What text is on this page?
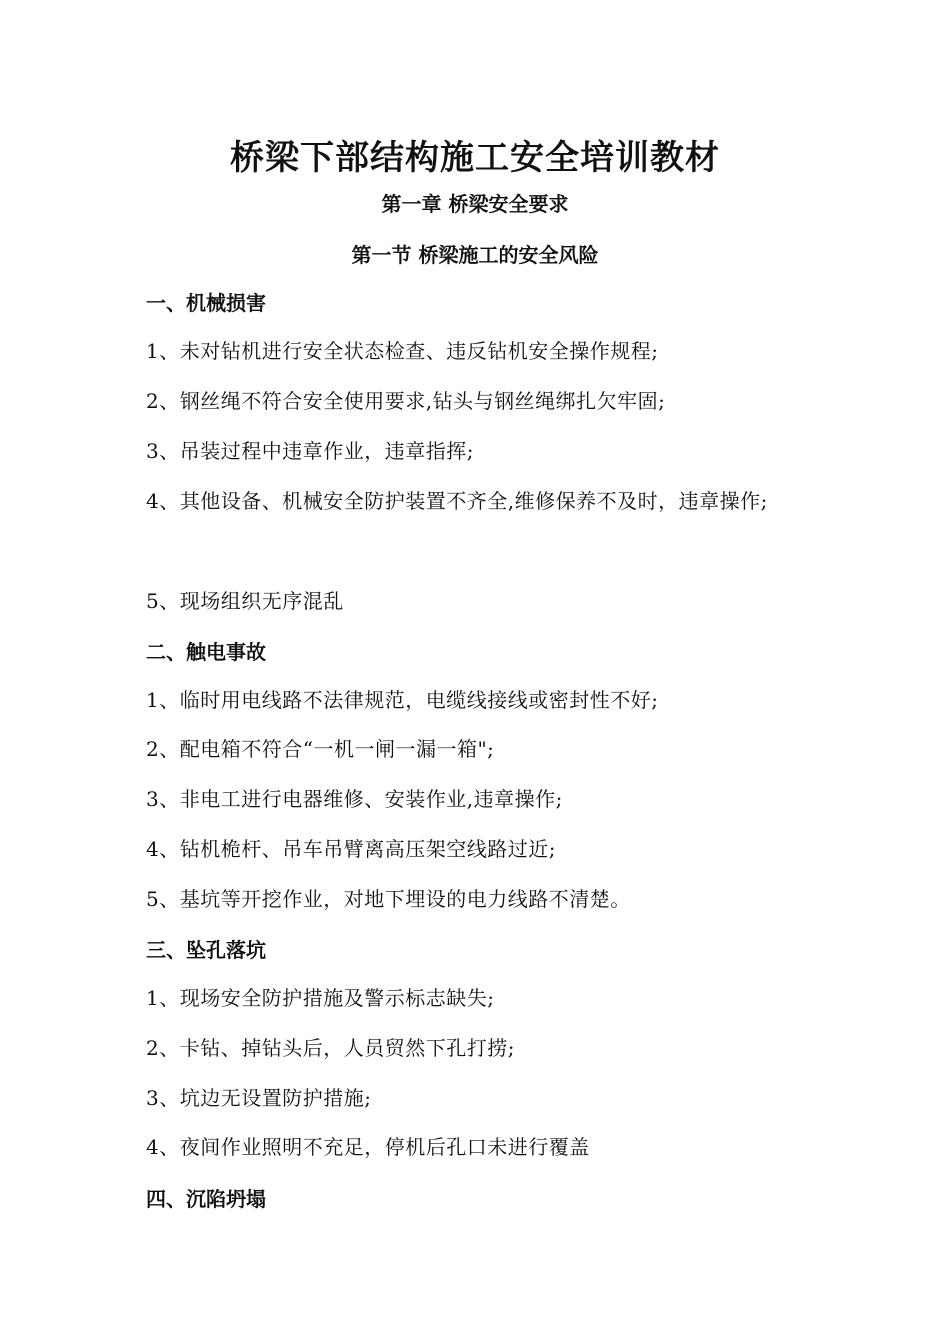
桥梁下部结构施工安全培训教材
第一章 桥梁安全要求
第一节 桥梁施工的安全风险
一、机械损害
1、未对钻机进行安全状态检查、违反钻机安全操作规程;
2、钢丝绳不符合安全使用要求,钻头与钢丝绳绑扎欠牢固;
3、吊装过程中违章作业，违章指挥;
4、其他设备、机械安全防护装置不齐全,维修保养不及时，违章操作;
5、现场组织无序混乱
二、触电事故
1、临时用电线路不法律规范，电缆线接线或密封性不好;
2、配电箱不符合“一机一闸一漏一箱";
3、非电工进行电器维修、安装作业,违章操作;
4、钻机桅杆、吊车吊臂离高压架空线路过近;
5、基坑等开挖作业，对地下埋设的电力线路不清楚。
三、坠孔落坑
1、现场安全防护措施及警示标志缺失;
2、卡钻、掉钻头后，人员贸然下孔打捞;
3、坑边无设置防护措施;
4、夜间作业照明不充足，停机后孔口未进行覆盖
四、沉陷坍塌
